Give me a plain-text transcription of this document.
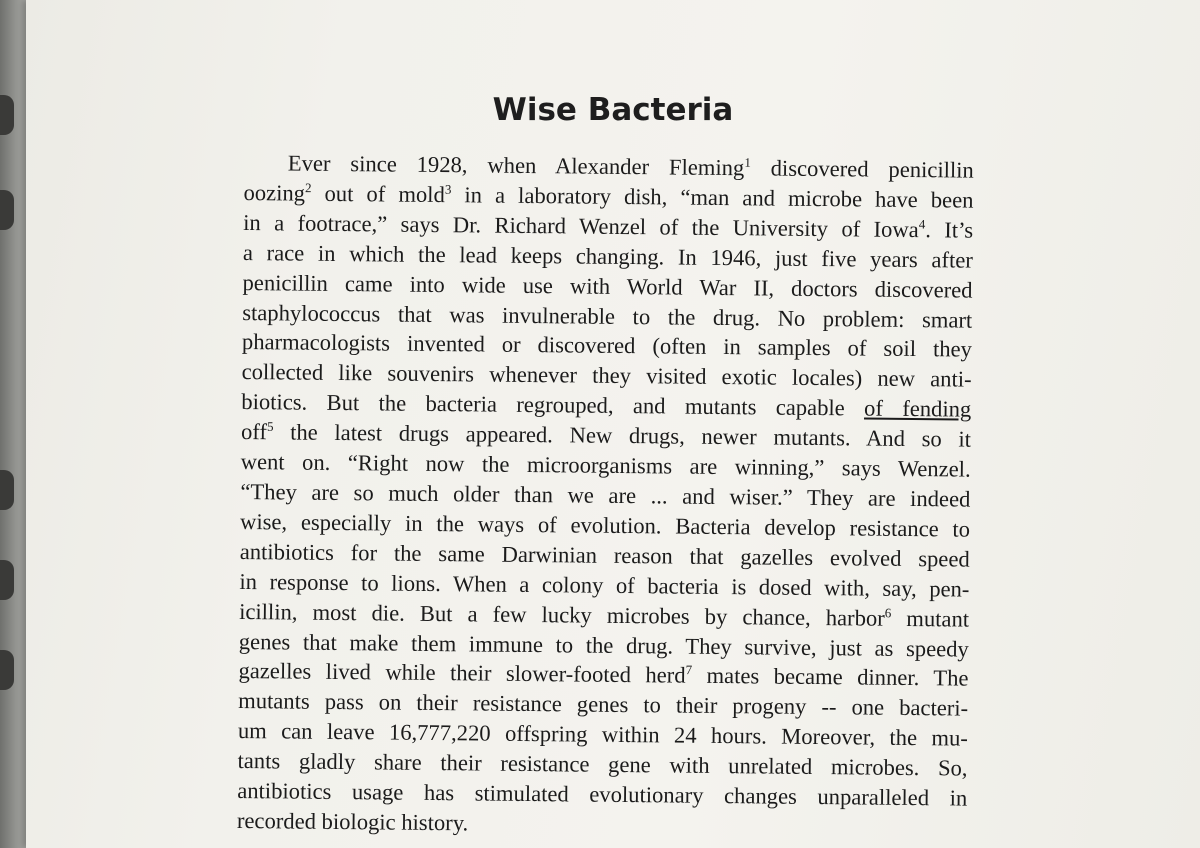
Wise Bacteria
Ever since 1928, when Alexander Fleming$^1$ discovered penicillin
oozing$^2$ out of mold$^3$ in a laboratory dish, “man and microbe have been
in a footrace,” says Dr. Richard Wenzel of the University of Iowa$^4$. It’s
a race in which the lead keeps changing. In 1946, just five years after
penicillin came into wide use with World War II, doctors discovered
staphylococcus that was invulnerable to the drug. No problem: smart
pharmacologists invented or discovered (often in samples of soil they
collected like souvenirs whenever they visited exotic locales) new anti-
biotics. But the bacteria regrouped, and mutants capable of fending
off$^5$ the latest drugs appeared. New drugs, newer mutants. And so it
went on. “Right now the microorganisms are winning,” says Wenzel.
“They are so much older than we are ... and wiser.” They are indeed
wise, especially in the ways of evolution. Bacteria develop resistance to
antibiotics for the same Darwinian reason that gazelles evolved speed
in response to lions. When a colony of bacteria is dosed with, say, pen-
icillin, most die. But a few lucky microbes by chance, harbor$^6$ mutant
genes that make them immune to the drug. They survive, just as speedy
gazelles lived while their slower-footed herd$^7$ mates became dinner. The
mutants pass on their resistance genes to their progeny -- one bacteri-
um can leave 16,777,220 offspring within 24 hours. Moreover, the mu-
tants gladly share their resistance gene with unrelated microbes. So,
antibiotics usage has stimulated evolutionary changes unparalleled in
recorded biologic history.
